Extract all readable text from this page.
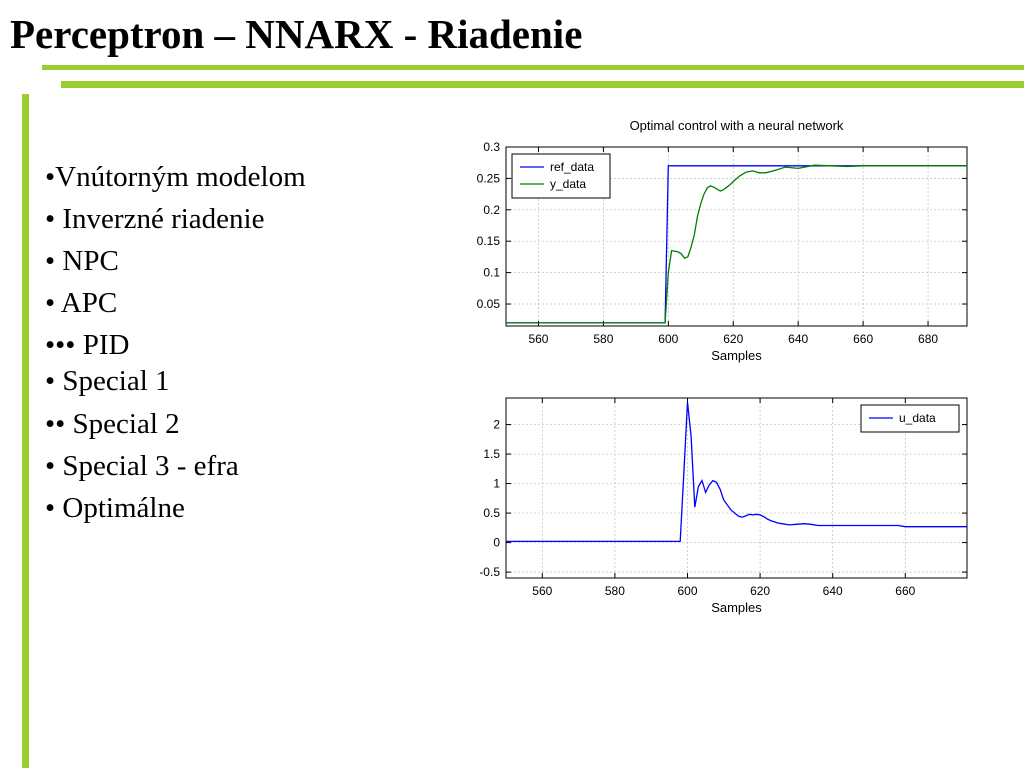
Perceptron – NNARX - Riadenie
•Vnútorným modelom
• Inverzné riadenie
• NPC
• APC
••• PID
• Special 1
•• Special 2
• Special 3 - efra
• Optimálne
Optimal control with a neural network
560	580	600	620	640	660	680
0.05
0.1
0.15
0.2
0.25
0.3
Samples
ref_data
y_data
560	580	600	620	640	660
-0.5
0
0.5
1
1.5
2
Samples
u_data
